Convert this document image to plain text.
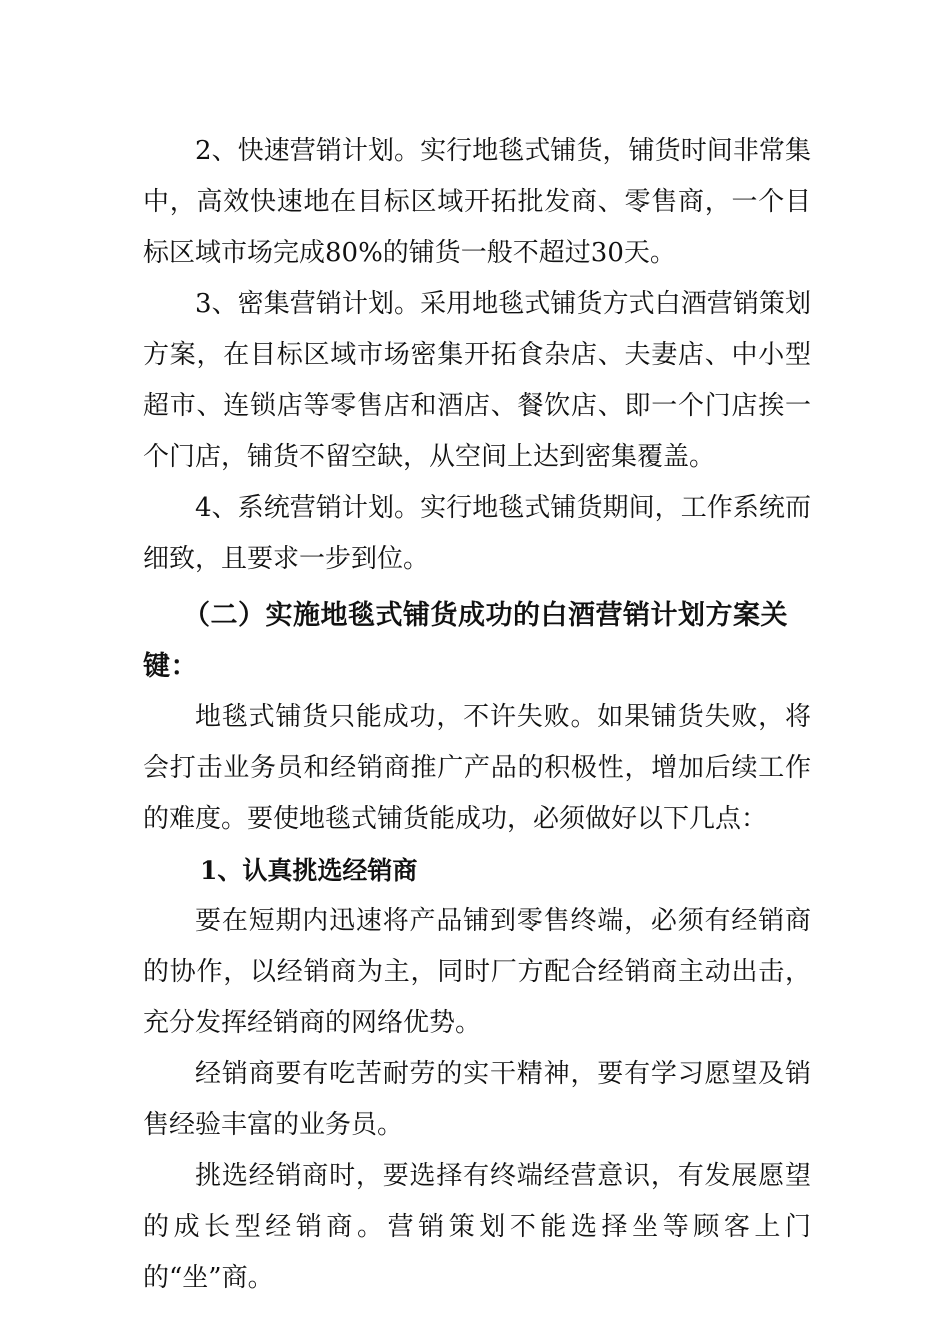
2、快速营销计划。实行地毯式铺货，铺货时间非常集中，高效快速地在目标区域开拓批发商、零售商，一个目标区域市场完成80%的铺货一般不超过30天。

3、密集营销计划。采用地毯式铺货方式白酒营销策划方案，在目标区域市场密集开拓食杂店、夫妻店、中小型超市、连锁店等零售店和酒店、餐饮店、即一个门店挨一个门店，铺货不留空缺，从空间上达到密集覆盖。

4、系统营销计划。实行地毯式铺货期间，工作系统而细致，且要求一步到位。

（二）实施地毯式铺货成功的白酒营销计划方案关键：

地毯式铺货只能成功，不许失败。如果铺货失败，将会打击业务员和经销商推广产品的积极性，增加后续工作的难度。要使地毯式铺货能成功，必须做好以下几点：

1、认真挑选经销商

要在短期内迅速将产品铺到零售终端，必须有经销商的协作，以经销商为主，同时厂方配合经销商主动出击，充分发挥经销商的网络优势。

经销商要有吃苦耐劳的实干精神，要有学习愿望及销售经验丰富的业务员。

挑选经销商时，要选择有终端经营意识，有发展愿望的成长型经销商。营销策划不能选择坐等顾客上门的“坐”商。
